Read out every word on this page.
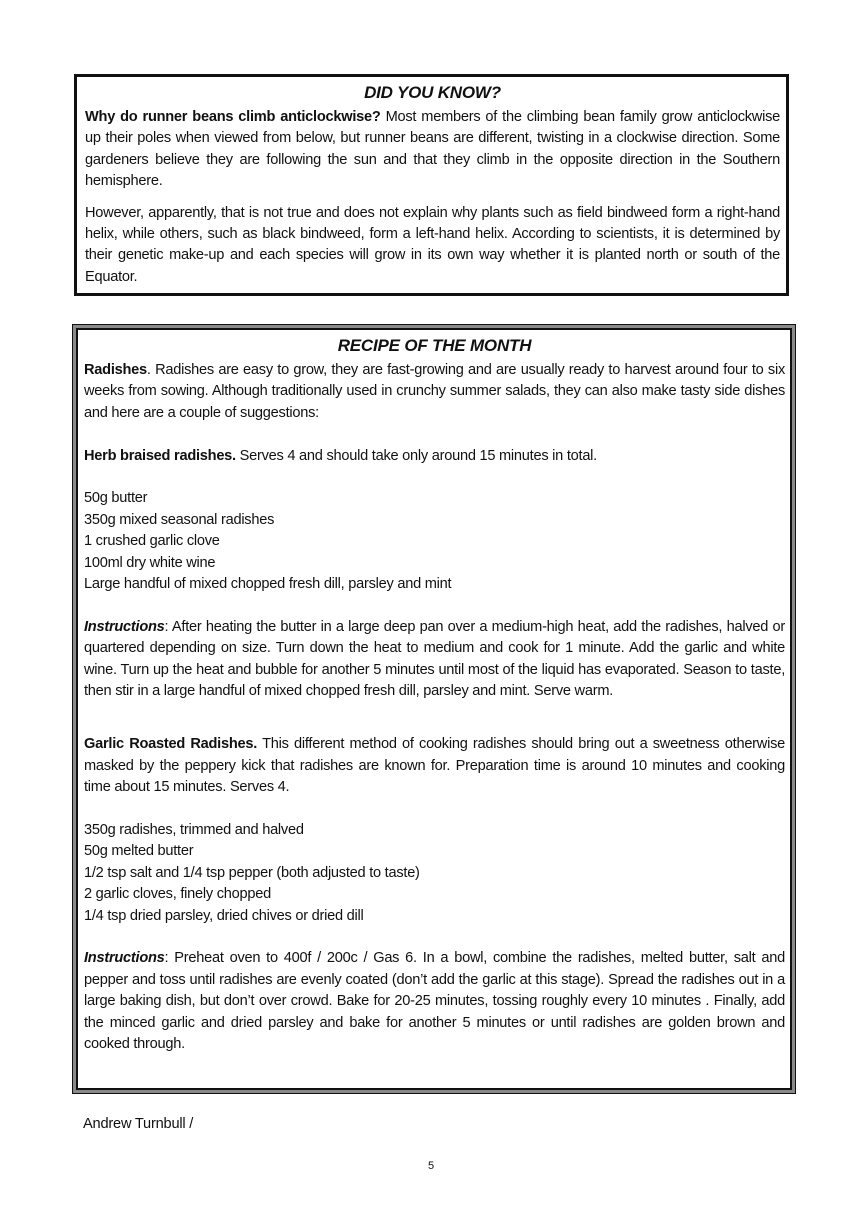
DID YOU KNOW?

Why do runner beans climb anticlockwise? Most members of the climbing bean family grow anticlockwise up their poles when viewed from below, but runner beans are different, twisting in a clockwise direction. Some gardeners believe they are following the sun and that they climb in the opposite direction in the Southern hemisphere.

However, apparently, that is not true and does not explain why plants such as field bindweed form a right-hand helix, while others, such as black bindweed, form a left-hand helix. According to scientists, it is determined by their genetic make-up and each species will grow in its own way whether it is planted north or south of the Equator.

RECIPE OF THE MONTH

Radishes. Radishes are easy to grow, they are fast-growing and are usually ready to harvest around four to six weeks from sowing. Although traditionally used in crunchy summer salads, they can also make tasty side dishes and here are a couple of suggestions:

Herb braised radishes. Serves 4 and should take only around 15 minutes in total.

50g butter
350g mixed seasonal radishes
1 crushed garlic clove
100ml dry white wine
Large handful of mixed chopped fresh dill, parsley and mint

Instructions: After heating the butter in a large deep pan over a medium-high heat, add the radishes, halved or quartered depending on size. Turn down the heat to medium and cook for 1 minute. Add the garlic and white wine. Turn up the heat and bubble for another 5 minutes until most of the liquid has evaporated. Season to taste, then stir in a large handful of mixed chopped fresh dill, parsley and mint. Serve warm.

Garlic Roasted Radishes. This different method of cooking radishes should bring out a sweetness otherwise masked by the peppery kick that radishes are known for. Preparation time is around 10 minutes and cooking time about 15 minutes. Serves 4.

350g radishes, trimmed and halved
50g melted butter
1/2 tsp salt and 1/4 tsp pepper (both adjusted to taste)
2 garlic cloves, finely chopped
1/4 tsp dried parsley, dried chives or dried dill

Instructions: Preheat oven to 400f / 200c / Gas 6. In a bowl, combine the radishes, melted butter, salt and pepper and toss until radishes are evenly coated (don’t add the garlic at this stage). Spread the radishes out in a large baking dish, but don’t over crowd. Bake for 20-25 minutes, tossing roughly every 10 minutes . Finally, add the minced garlic and dried parsley and bake for another 5 minutes or until radishes are golden brown and cooked through.

Andrew Turnbull /
5
